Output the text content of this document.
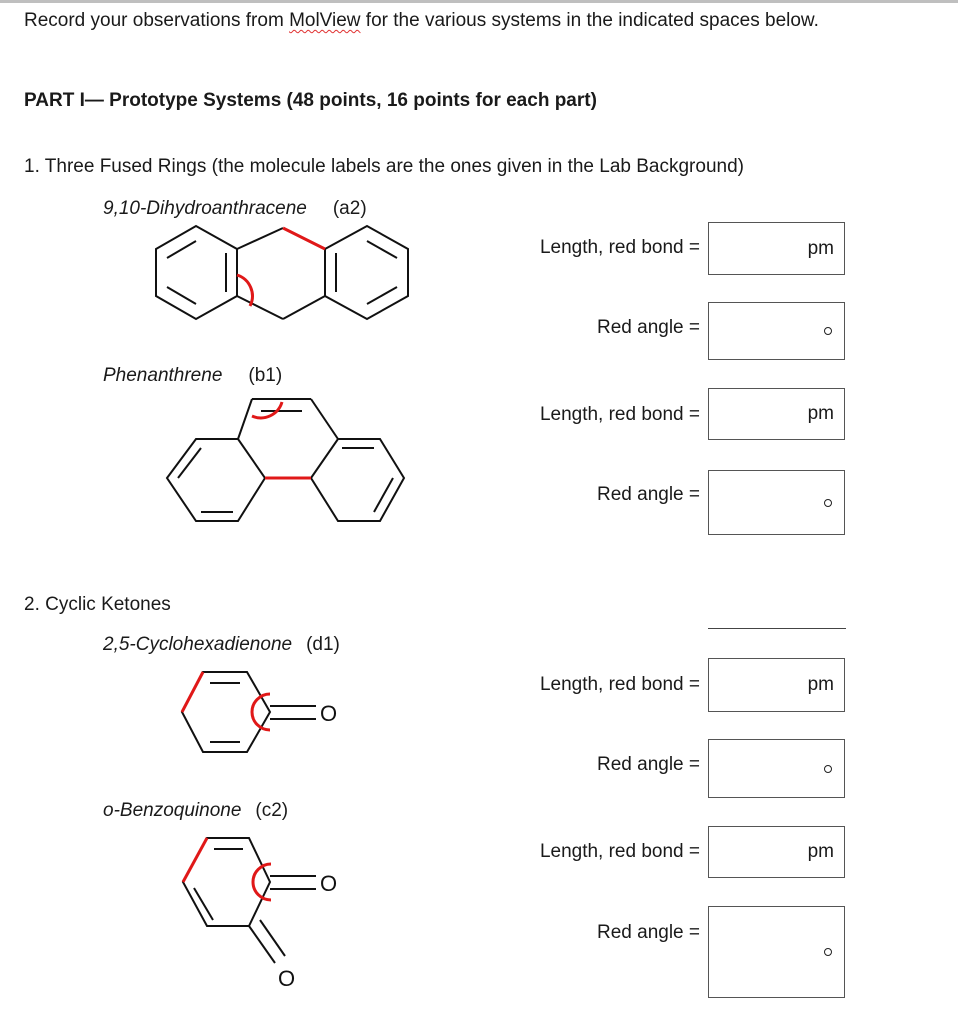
Record your observations from MolView for the various systems in the indicated spaces below.
PART I— Prototype Systems (48 points, 16 points for each part)
1. Three Fused Rings (the molecule labels are the ones given in the Lab Background)
9,10-Dihydroanthracene (a2)
Phenanthrene (b1)
2. Cyclic Ketones
2,5-Cyclohexadienone (d1)
o-Benzoquinone (c2)
O
O
O
Length, red bond =
Red angle =
Length, red bond =
Red angle =
Length, red bond =
Red angle =
Length, red bond =
Red angle =
pm
pm
pm
pm
